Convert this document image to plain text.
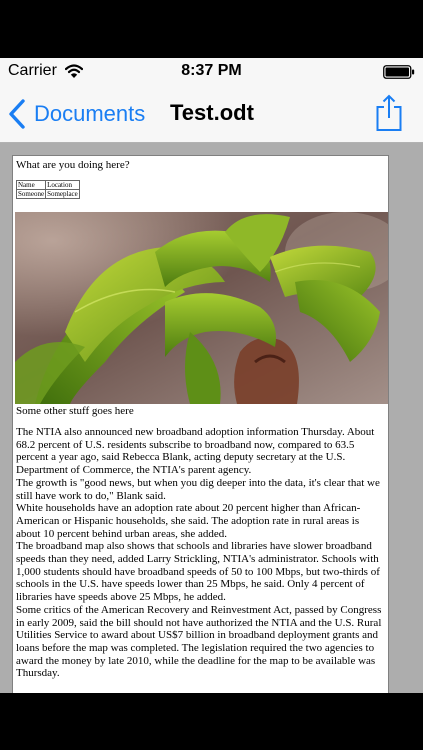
Carrier	8:37 PM
Documents Test.odt

What are you doing here?

Name	Location
Someone	Someplace

Some other stuff goes here

The NTIA also announced new broadband adoption information Thursday. About 68.2 percent of U.S. residents subscribe to broadband now, compared to 63.5 percent a year ago, said Rebecca Blank, acting deputy secretary at the U.S. Department of Commerce, the NTIA's parent agency.

The growth is "good news, but when you dig deeper into the data, it's clear that we still have work to do," Blank said.

White households have an adoption rate about 20 percent higher than African-American or Hispanic households, she said. The adoption rate in rural areas is about 10 percent behind urban areas, she added.

The broadband map also shows that schools and libraries have slower broadband speeds than they need, added Larry Strickling, NTIA's administrator. Schools with 1,000 students should have broadband speeds of 50 to 100 Mbps, but two-thirds of schools in the U.S. have speeds lower than 25 Mbps, he said. Only 4 percent of libraries have speeds above 25 Mbps, he added.

Some critics of the American Recovery and Reinvestment Act, passed by Congress in early 2009, said the bill should not have authorized the NTIA and the U.S. Rural Utilities Service to award about US$7 billion in broadband deployment grants and loans before the map was completed. The legislation required the two agencies to award the money by late 2010, while the deadline for the map to be available was Thursday.
